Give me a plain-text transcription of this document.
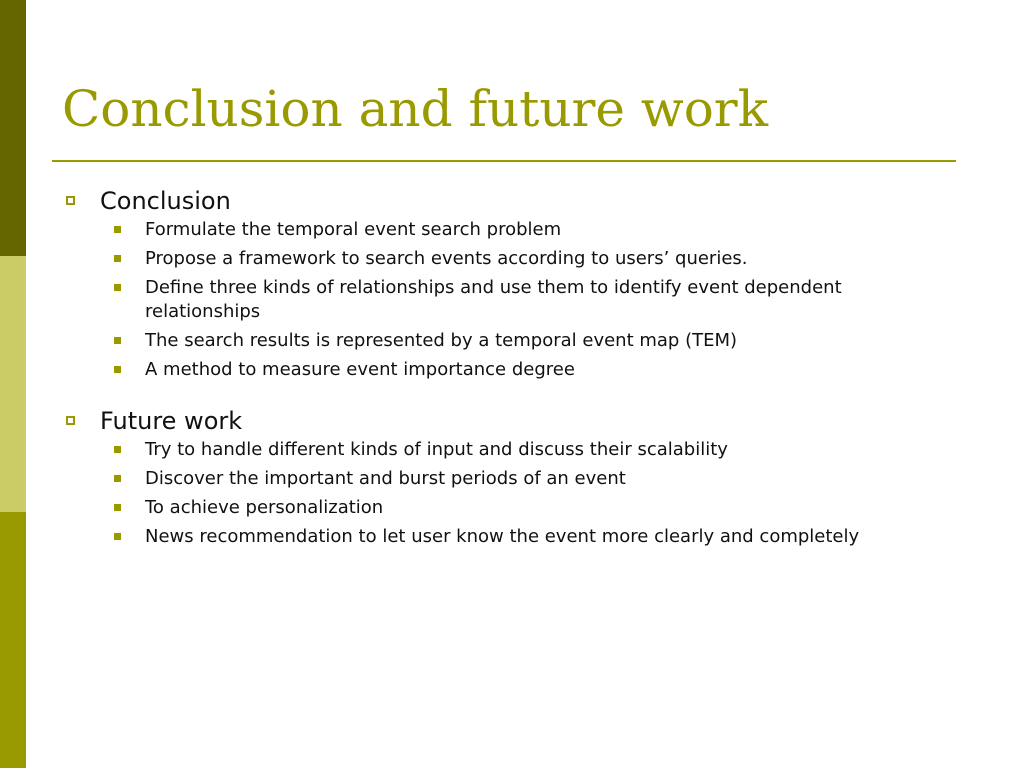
Conclusion and future work
Conclusion
Formulate the temporal event search problem
Propose a framework to search events according to users’ queries.
Define three kinds of relationships and use them to identify event dependent relationships
The search results is represented by a temporal event map (TEM)
A method to measure event importance degree
Future work
Try to handle different kinds of input and discuss their scalability
Discover the important and burst periods of an event
To achieve personalization
News recommendation to let user know the event more clearly and completely
